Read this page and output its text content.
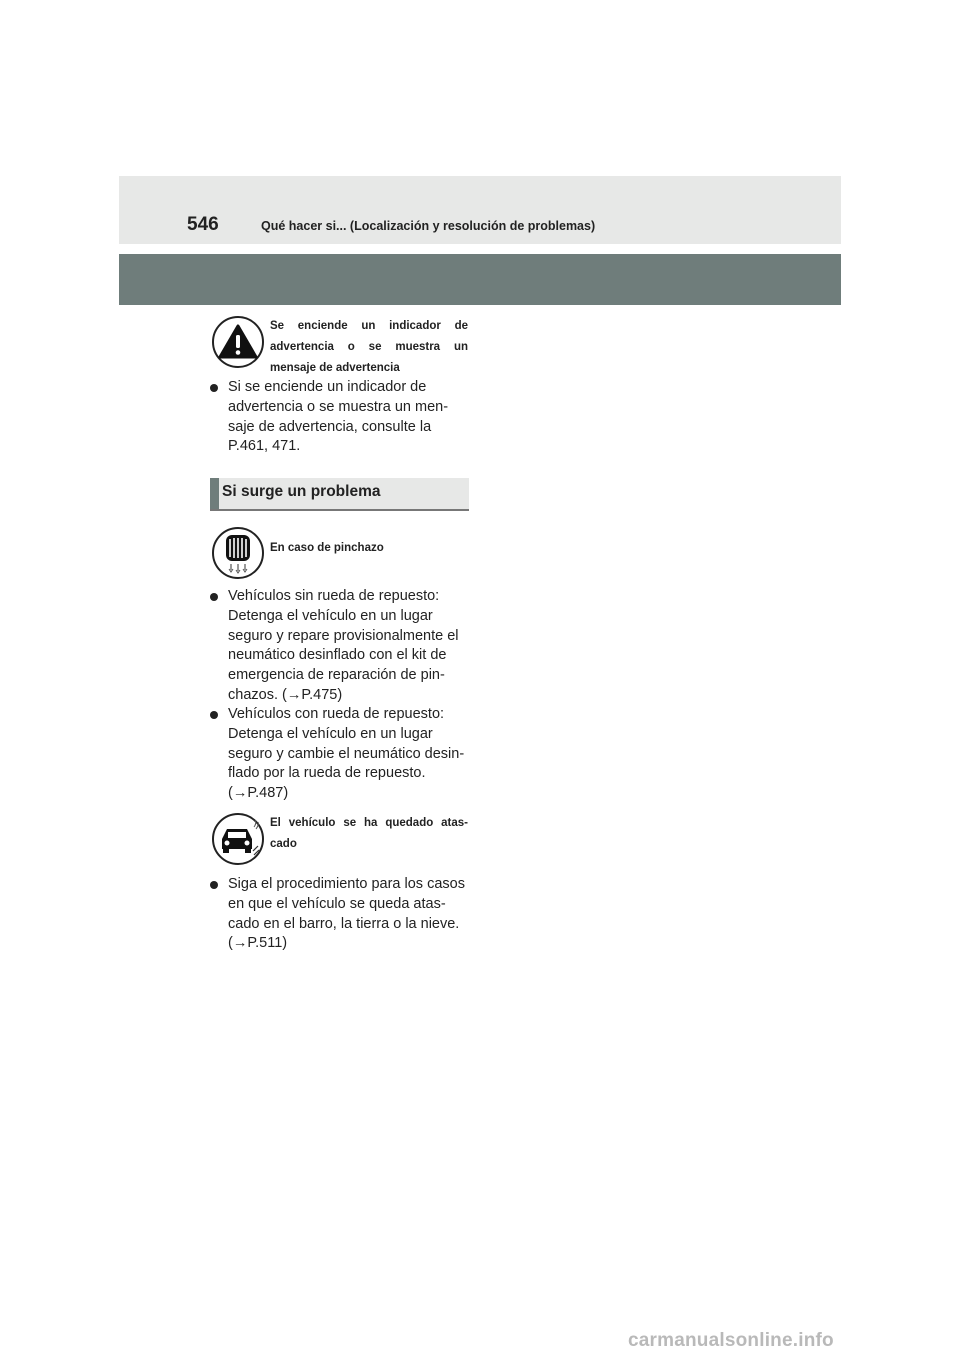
546	Qué hacer si... (Localización y resolución de problemas)
Se enciende un indicador de advertencia o se muestra un mensaje de advertencia
Si se enciende un indicador de
advertencia o se muestra un men-
saje de advertencia, consulte la
P.461, 471.
Si surge un problema
En caso de pinchazo
Vehículos sin rueda de repuesto:
Detenga el vehículo en un lugar
seguro y repare provisionalmente el
neumático desinflado con el kit de
emergencia de reparación de pin-
chazos. (→P.475)
Vehículos con rueda de repuesto:
Detenga el vehículo en un lugar
seguro y cambie el neumático desin-
flado por la rueda de repuesto.
(→P.487)
El vehículo se ha quedado atas-cado
Siga el procedimiento para los casos
en que el vehículo se queda atas-
cado en el barro, la tierra o la nieve.
(→P.511)
carmanualsonline.info
